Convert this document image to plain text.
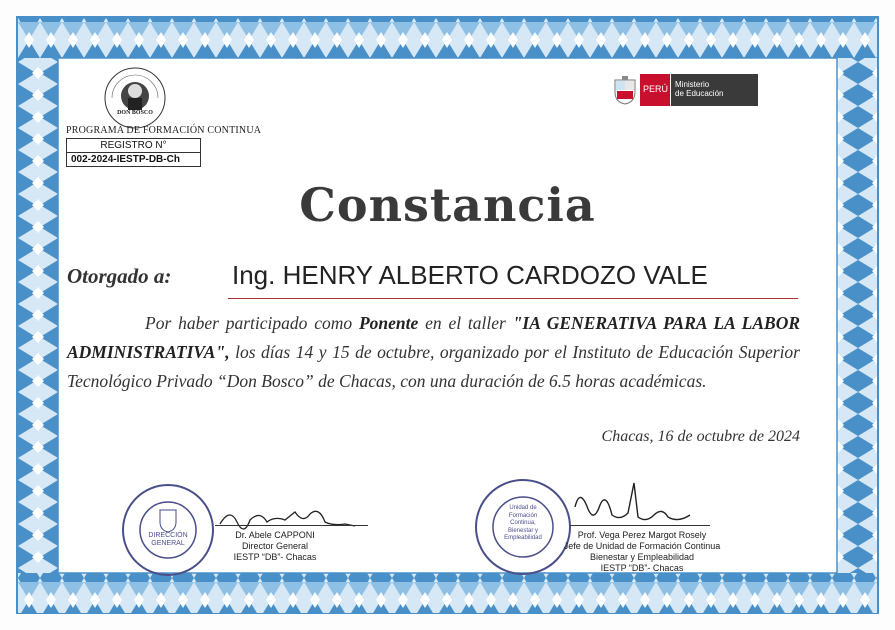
DON BOSCO
PROGRAMA DE FORMACIÓN CONTINUA
REGISTRO N°
002-2024-IESTP-DB-Ch
PERÚ Ministerio
de Educación
Constancia
Otorgado a: Ing. HENRY ALBERTO CARDOZO VALE
Por haber participado como Ponente en el taller "IA GENERATIVA PARA LA LABOR ADMINISTRATIVA", los días 14 y 15 de octubre, organizado por el Instituto de Educación Superior Tecnológico Privado “Don Bosco” de Chacas, con una duración de 6.5 horas académicas.
Chacas, 16 de octubre de 2024
DIRECCIÓN GENERAL
Dr. Abele CAPPONI
Director General
IESTP “DB”- Chacas
Unidad de
Formación
Continua,
Bienestar y
Empleabilidad	Prof. Vega Perez Margot Rosely
Jefe de Unidad de Formación Continua
Bienestar y Empleabilidad
IESTP “DB”- Chacas
